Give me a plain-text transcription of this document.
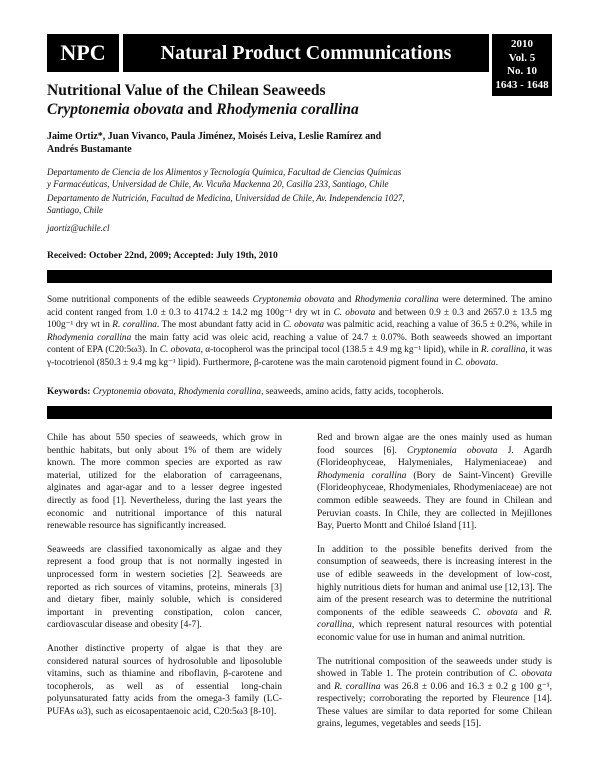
NPC	Natural Product Communications	2010
Vol. 5
No. 10
1643 - 1648
Nutritional Value of the Chilean Seaweeds
Cryptonemia obovata and Rhodymenia corallina
Jaime Ortiz*, Juan Vivanco, Paula Jiménez, Moisés Leiva, Leslie Ramírez and
Andrés Bustamante
Departamento de Ciencia de los Alimentos y Tecnología Química, Facultad de Ciencias Químicas
y Farmacéuticas, Universidad de Chile, Av. Vicuña Mackenna 20, Casilla 233, Santiago, Chile
Departamento de Nutrición, Facultad de Medicina, Universidad de Chile, Av. Independencia 1027,
Santiago, Chile
jaortiz@uchile.cl
Received: October 22nd, 2009; Accepted: July 19th, 2010
Some nutritional components of the edible seaweeds Cryptonemia obovata and Rhodymenia corallina were determined. The amino acid content ranged from 1.0 ± 0.3 to 4174.2 ± 14.2 mg 100g⁻¹ dry wt in C. obovata and between 0.9 ± 0.3 and 2657.0 ± 13.5 mg 100g⁻¹ dry wt in R. corallina. The most abundant fatty acid in C. obovata was palmitic acid, reaching a value of 36.5 ± 0.2%, while in Rhodymenia corallina the main fatty acid was oleic acid, reaching a value of 24.7 ± 0.07%. Both seaweeds showed an important content of EPA (C20:5ω3). In C. obovata, α-tocopherol was the principal tocol (138.5 ± 4.9 mg kg⁻¹ lipid), while in R. corallina, it was γ-tocotrienol (850.3 ± 9.4 mg kg⁻¹ lipid). Furthermore, β-carotene was the main carotenoid pigment found in C. obovata.
Keywords: Cryptonemia obovata, Rhodymenia corallina, seaweeds, amino acids, fatty acids, tocopherols.

Chile has about 550 species of seaweeds, which grow in benthic habitats, but only about 1% of them are widely known. The more common species are exported as raw material, utilized for the elaboration of carrageenans, alginates and agar-agar and to a lesser degree ingested directly as food [1]. Nevertheless, during the last years the economic and nutritional importance of this natural renewable resource has significantly increased.

Seaweeds are classified taxonomically as algae and they represent a food group that is not normally ingested in unprocessed form in western societies [2]. Seaweeds are reported as rich sources of vitamins, proteins, minerals [3] and dietary fiber, mainly soluble, which is considered important in preventing constipation, colon cancer, cardiovascular disease and obesity [4-7].

Another distinctive property of algae is that they are considered natural sources of hydrosoluble and liposoluble vitamins, such as thiamine and riboflavin, β-carotene and tocopherols, as well as of essential long-chain polyunsaturated fatty acids from the omega-3 family (LC-PUFAs ω3), such as eicosapentaenoic acid, C20:5ω3 [8-10].

Red and brown algae are the ones mainly used as human food sources [6]. Cryptonemia obovata J. Agardh (Florideophyceae, Halymeniales, Halymeniaceae) and Rhodymenia corallina (Bory de Saint-Vincent) Greville (Florideophyceae, Rhodymeniales, Rhodymeniaceae) are not common edible seaweeds. They are found in Chilean and Peruvian coasts. In Chile, they are collected in Mejillones Bay, Puerto Montt and Chiloé Island [11].

In addition to the possible benefits derived from the consumption of seaweeds, there is increasing interest in the use of edible seaweeds in the development of low-cost, highly nutritious diets for human and animal use [12,13]. The aim of the present research was to determine the nutritional components of the edible seaweeds C. obovata and R. corallina, which represent natural resources with potential economic value for use in human and animal nutrition.

The nutritional composition of the seaweeds under study is showed in Table 1. The protein contribution of C. obovata and R. corallina was 26.8 ± 0.06 and 16.3 ± 0.2 g 100 g⁻¹, respectively; corroborating the reported by Fleurence [14]. These values are similar to data reported for some Chilean grains, legumes, vegetables and seeds [15].
